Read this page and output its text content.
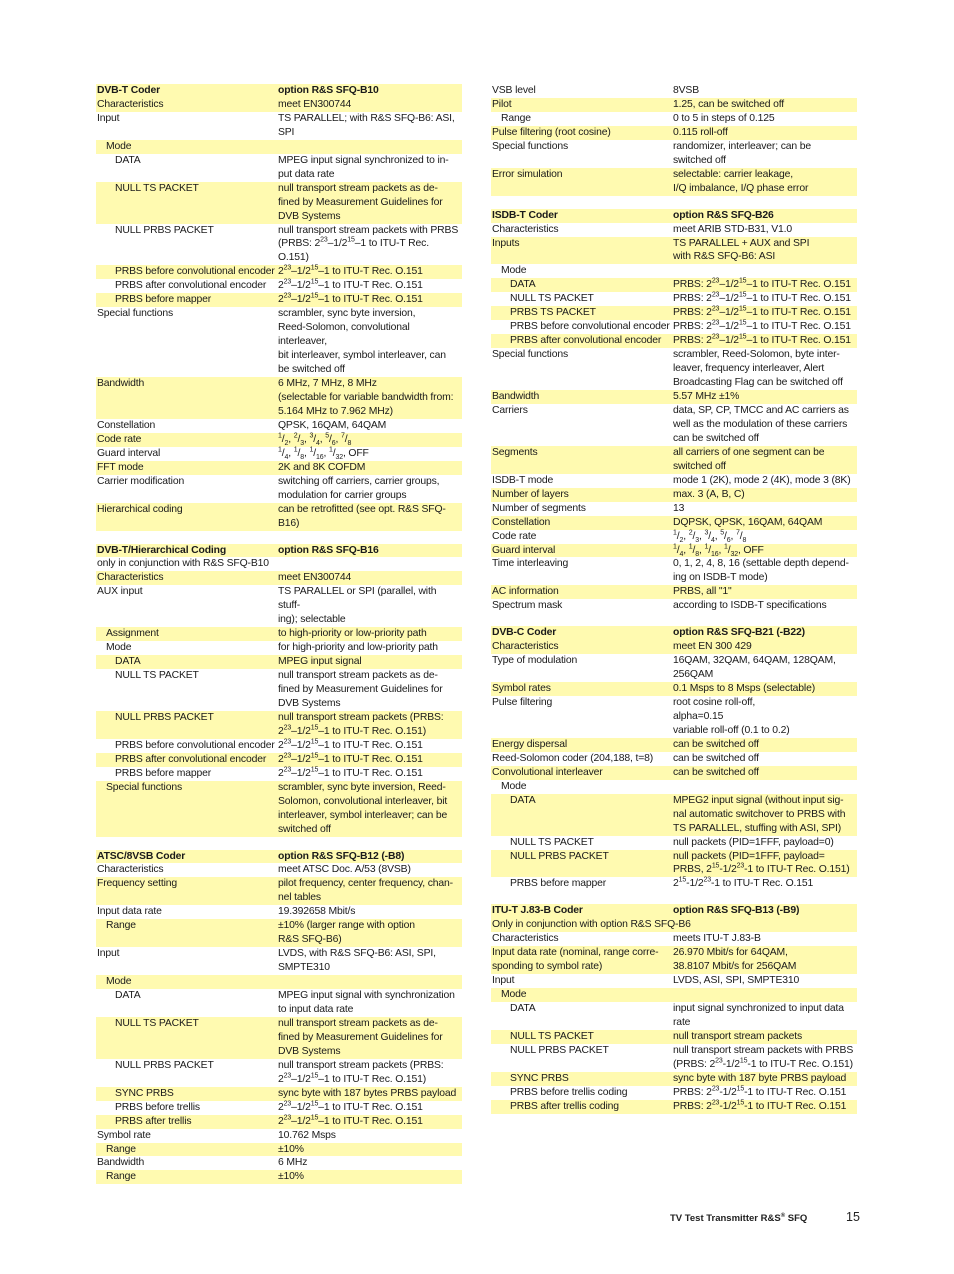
DVB-T Coder	option R&S SFQ-B10
Characteristics	meet EN300744
Input	TS PARALLEL; with R&S SFQ-B6: ASI, SPI
Mode	
DATA	MPEG input signal synchronized to in-
put data rate
NULL TS PACKET	null transport stream packets as de-
fined by Measurement Guidelines for
DVB Systems
NULL PRBS PACKET	null transport stream packets with PRBS
(PRBS: $2^{23}-1/2^{15}-1$ to ITU-T Rec. O.151)
PRBS before convolutional encoder	$2^{23}-1/2^{15}-1$ to ITU-T Rec. O.151
PRBS after convolutional encoder	$2^{23}-1/2^{15}-1$ to ITU-T Rec. O.151
PRBS before mapper	$2^{23}-1/2^{15}-1$ to ITU-T Rec. O.151
Special functions	scrambler, sync byte inversion,
Reed-Solomon, convolutional interleaver,
bit interleaver, symbol interleaver, can
be switched off
Bandwidth	6 MHz, 7 MHz, 8 MHz
(selectable for variable bandwidth from:
5.164 MHz to 7.962 MHz)
Constellation	QPSK, 16QAM, 64QAM
Code rate	$^1/_2$, $^2/_3$, $^3/_4$, $^5/_6$, $^7/_8$
Guard interval	$^1/_4$, $^1/_8$, $^1/_{16}$, $^1/_{32}$, OFF
FFT mode	2K and 8K COFDM
Carrier modification	switching off carriers, carrier groups,
modulation for carrier groups
Hierarchical coding	can be retrofitted (see opt. R&S SFQ-B16)
DVB-T/Hierarchical Coding	option R&S SFQ-B16
only in conjunction with R&S SFQ-B10	
Characteristics	meet EN300744
AUX input	TS PARALLEL or SPI (parallel, with stuff-
ing); selectable
Assignment	to high-priority or low-priority path
Mode	for high-priority and low-priority path
DATA	MPEG input signal
NULL TS PACKET	null transport stream packets as de-
fined by Measurement Guidelines for
DVB Systems
NULL PRBS PACKET	null transport stream packets (PRBS:
$2^{23}-1/2^{15}-1$ to ITU-T Rec. O.151)
PRBS before convolutional encoder	$2^{23}-1/2^{15}-1$ to ITU-T Rec. O.151
PRBS after convolutional encoder	$2^{23}-1/2^{15}-1$ to ITU-T Rec. O.151
PRBS before mapper	$2^{23}-1/2^{15}-1$ to ITU-T Rec. O.151
Special functions	scrambler, sync byte inversion, Reed-
Solomon, convolutional interleaver, bit
interleaver, symbol interleaver; can be
switched off
ATSC/8VSB Coder	option R&S SFQ-B12 (-B8)
Characteristics	meet ATSC Doc. A/53 (8VSB)
Frequency setting	pilot frequency, center frequency, chan-
nel tables
Input data rate	19.392658 Mbit/s
Range	±10% (larger range with option
R&S SFQ-B6)
Input	LVDS, with R&S SFQ-B6: ASI, SPI,
SMPTE310
Mode	
DATA	MPEG input signal with synchronization
to input data rate
NULL TS PACKET	null transport stream packets as de-
fined by Measurement Guidelines for
DVB Systems
NULL PRBS PACKET	null transport stream packets (PRBS:
$2^{23}-1/2^{15}-1$ to ITU-T Rec. O.151)
SYNC PRBS	sync byte with 187 bytes PRBS payload
PRBS before trellis	$2^{23}-1/2^{15}-1$ to ITU-T Rec. O.151
PRBS after trellis	$2^{23}-1/2^{15}-1$ to ITU-T Rec. O.151
Symbol rate	10.762 Msps
Range	±10%
Bandwidth	6 MHz
Range	±10%
VSB level	8VSB
Pilot	1.25, can be switched off
Range	0 to 5 in steps of 0.125
Pulse filtering (root cosine)	0.115 roll-off
Special functions	randomizer, interleaver; can be
switched off
Error simulation	selectable: carrier leakage,
I/Q imbalance, I/Q phase error
ISDB-T Coder	option R&S SFQ-B26
Characteristics	meet ARIB STD-B31, V1.0
Inputs	TS PARALLEL + AUX and SPI
with R&S SFQ-B6: ASI
Mode	
DATA	PRBS: $2^{23}-1/2^{15}-1$ to ITU-T Rec. O.151
NULL TS PACKET	PRBS: $2^{23}-1/2^{15}-1$ to ITU-T Rec. O.151
PRBS TS PACKET	PRBS: $2^{23}-1/2^{15}-1$ to ITU-T Rec. O.151
PRBS before convolutional encoder	PRBS: $2^{23}-1/2^{15}-1$ to ITU-T Rec. O.151
PRBS after convolutional encoder	PRBS: $2^{23}-1/2^{15}-1$ to ITU-T Rec. O.151
Special functions	scrambler, Reed-Solomon, byte inter-
leaver, frequency interleaver, Alert
Broadcasting Flag can be switched off
Bandwidth	5.57 MHz ±1%
Carriers	data, SP, CP, TMCC and AC carriers as
well as the modulation of these carriers
can be switched off
Segments	all carriers of one segment can be
switched off
ISDB-T mode	mode 1 (2K), mode 2 (4K), mode 3 (8K)
Number of layers	max. 3 (A, B, C)
Number of segments	13
Constellation	DQPSK, QPSK, 16QAM, 64QAM
Code rate	$^1/_2$, $^2/_3$, $^3/_4$, $^5/_6$, $^7/_8$
Guard interval	$^1/_4$, $^1/_8$, $^1/_{16}$, $^1/_{32}$, OFF
Time interleaving	0, 1, 2, 4, 8, 16 (settable depth depend-
ing on ISDB-T mode)
AC information	PRBS, all "1"
Spectrum mask	according to ISDB-T specifications
DVB-C Coder	option R&S SFQ-B21 (-B22)
Characteristics	meet EN 300 429
Type of modulation	16QAM, 32QAM, 64QAM, 128QAM,
256QAM
Symbol rates	0.1 Msps to 8 Msps (selectable)
Pulse filtering	root cosine roll-off,
alpha=0.15
variable roll-off (0.1 to 0.2)
Energy dispersal	can be switched off
Reed-Solomon coder (204,188, t=8)	can be switched off
Convolutional interleaver	can be switched off
Mode	
DATA	MPEG2 input signal (without input sig-
nal automatic switchover to PRBS with
TS PARALLEL, stuffing with ASI, SPI)
NULL TS PACKET	null packets (PID=1FFF, payload=0)
NULL PRBS PACKET	null packets (PID=1FFF, payload=
PRBS, $2^{15}-1/2^{23}-1$ to ITU-T Rec. O.151)
PRBS before mapper	$2^{15}-1/2^{23}-1$ to ITU-T Rec. O.151
ITU-T J.83-B Coder	option R&S SFQ-B13 (-B9)
Only in conjunction with option R&S SFQ-B6	
Characteristics	meets ITU-T J.83-B
Input data rate (nominal, range corre-
sponding to symbol rate)	26.970 Mbit/s for 64QAM,
38.8107 Mbit/s for 256QAM
Input	LVDS, ASI, SPI, SMPTE310
Mode	
DATA	input signal synchronized to input data
rate
NULL TS PACKET	null transport stream packets
NULL PRBS PACKET	null transport stream packets with PRBS
(PRBS: $2^{23}-1/2^{15}-1$ to ITU-T Rec. O.151)
SYNC PRBS	sync byte with 187 byte PRBS payload
PRBS before trellis coding	PRBS: $2^{23}-1/2^{15}-1$ to ITU-T Rec. O.151
PRBS after trellis coding	PRBS: $2^{23}-1/2^{15}-1$ to ITU-T Rec. O.151
TV Test Transmitter R&S® SFQ	15
